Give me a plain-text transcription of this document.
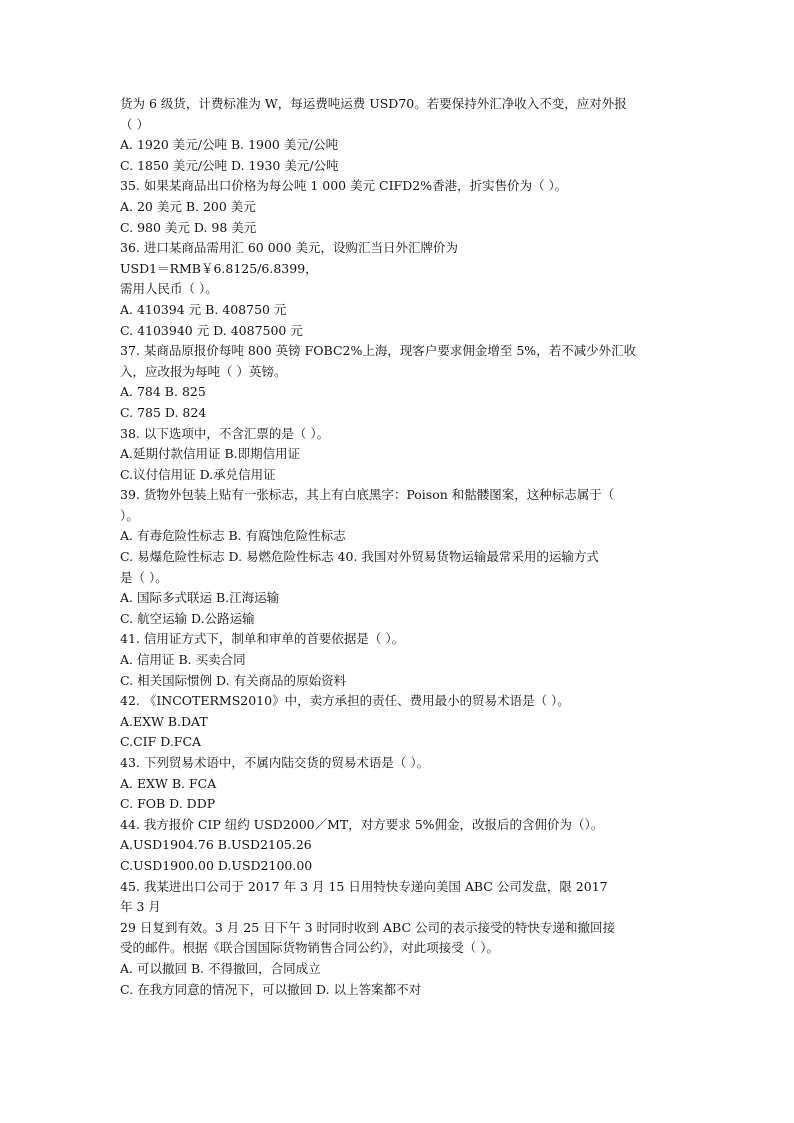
货为 6 级货，计费标准为 W，每运费吨运费 USD70。若要保持外汇净收入不变，应对外报
（ ）
A. 1920 美元/公吨 B. 1900 美元/公吨
C. 1850 美元/公吨 D. 1930 美元/公吨
35. 如果某商品出口价格为每公吨 1 000 美元 CIFD2%香港，折实售价为（ ）。
A. 20 美元 B. 200 美元
C. 980 美元 D. 98 美元
36. 进口某商品需用汇 60 000 美元，设购汇当日外汇牌价为
USD1＝RMB￥6.8125/6.8399，
需用人民币（ ）。
A. 410394 元 B. 408750 元
C. 4103940 元 D. 4087500 元
37. 某商品原报价每吨 800 英镑 FOBC2%上海，现客户要求佣金增至 5%，若不减少外汇收
入，应改报为每吨（ ）英镑。
A. 784 B. 825
C. 785 D. 824
38. 以下选项中，不含汇票的是（ ）。
A.延期付款信用证 B.即期信用证
C.议付信用证 D.承兑信用证
39. 货物外包装上贴有一张标志，其上有白底黑字：Poison 和骷髅图案，这种标志属于（
）。
A. 有毒危险性标志 B. 有腐蚀危险性标志
C. 易爆危险性标志 D. 易燃危险性标志 40. 我国对外贸易货物运输最常采用的运输方式
是（ ）。
A. 国际多式联运 B.江海运输
C. 航空运输 D.公路运输
41. 信用证方式下，制单和审单的首要依据是（ ）。
A. 信用证 B. 买卖合同
C. 相关国际惯例 D. 有关商品的原始资料
42. 《INCOTERMS2010》中，卖方承担的责任、费用最小的贸易术语是（ ）。
A.EXW B.DAT
C.CIF D.FCA
43. 下列贸易术语中，不属内陆交货的贸易术语是（ ）。
A. EXW B. FCA
C. FOB D. DDP
44. 我方报价 CIP 纽约 USD2000／MT，对方要求 5%佣金，改报后的含佣价为（）。
A.USD1904.76 B.USD2105.26
C.USD1900.00 D.USD2100.00
45. 我某进出口公司于 2017 年 3 月 15 日用特快专递向美国 ABC 公司发盘，限 2017
年 3 月
29 日复到有效。3 月 25 日下午 3 时同时收到 ABC 公司的表示接受的特快专递和撤回接
受的邮件。根据《联合国国际货物销售合同公约》，对此项接受（ ）。
A. 可以撤回 B. 不得撤回，合同成立
C. 在我方同意的情况下，可以撤回 D. 以上答案都不对
